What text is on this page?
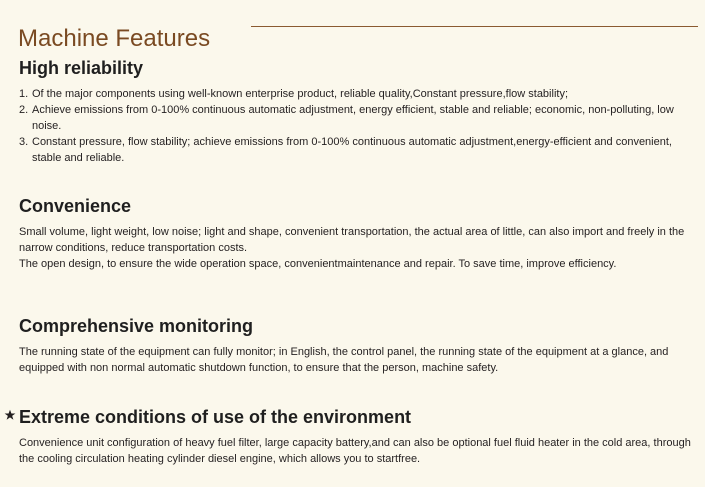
Machine Features
High reliability
1. Of the major components using well-known enterprise product, reliable quality,Constant pressure,flow stability;
2. Achieve emissions from 0-100% continuous automatic adjustment, energy efficient, stable and reliable; economic, non-polluting, low noise.
3. Constant pressure, flow stability; achieve emissions from 0-100% continuous automatic adjustment,energy-efficient and convenient, stable and reliable.
Convenience

Small volume, light weight, low noise; light and shape, convenient transportation, the actual area of little, can also import and freely in the narrow conditions, reduce transportation costs.

The open design, to ensure the wide operation space, convenientmaintenance and repair. To save time, improve efficiency.

Comprehensive monitoring

The running state of the equipment can fully monitor; in English, the control panel, the running state of the equipment at a glance, and equipped with non normal automatic shutdown function, to ensure that the person, machine safety.

Extreme conditions of use of the environment

Convenience unit configuration of heavy fuel filter, large capacity battery,and can also be optional fuel fluid heater in the cold area, through the cooling circulation heating cylinder diesel engine, which allows you to startfree.
